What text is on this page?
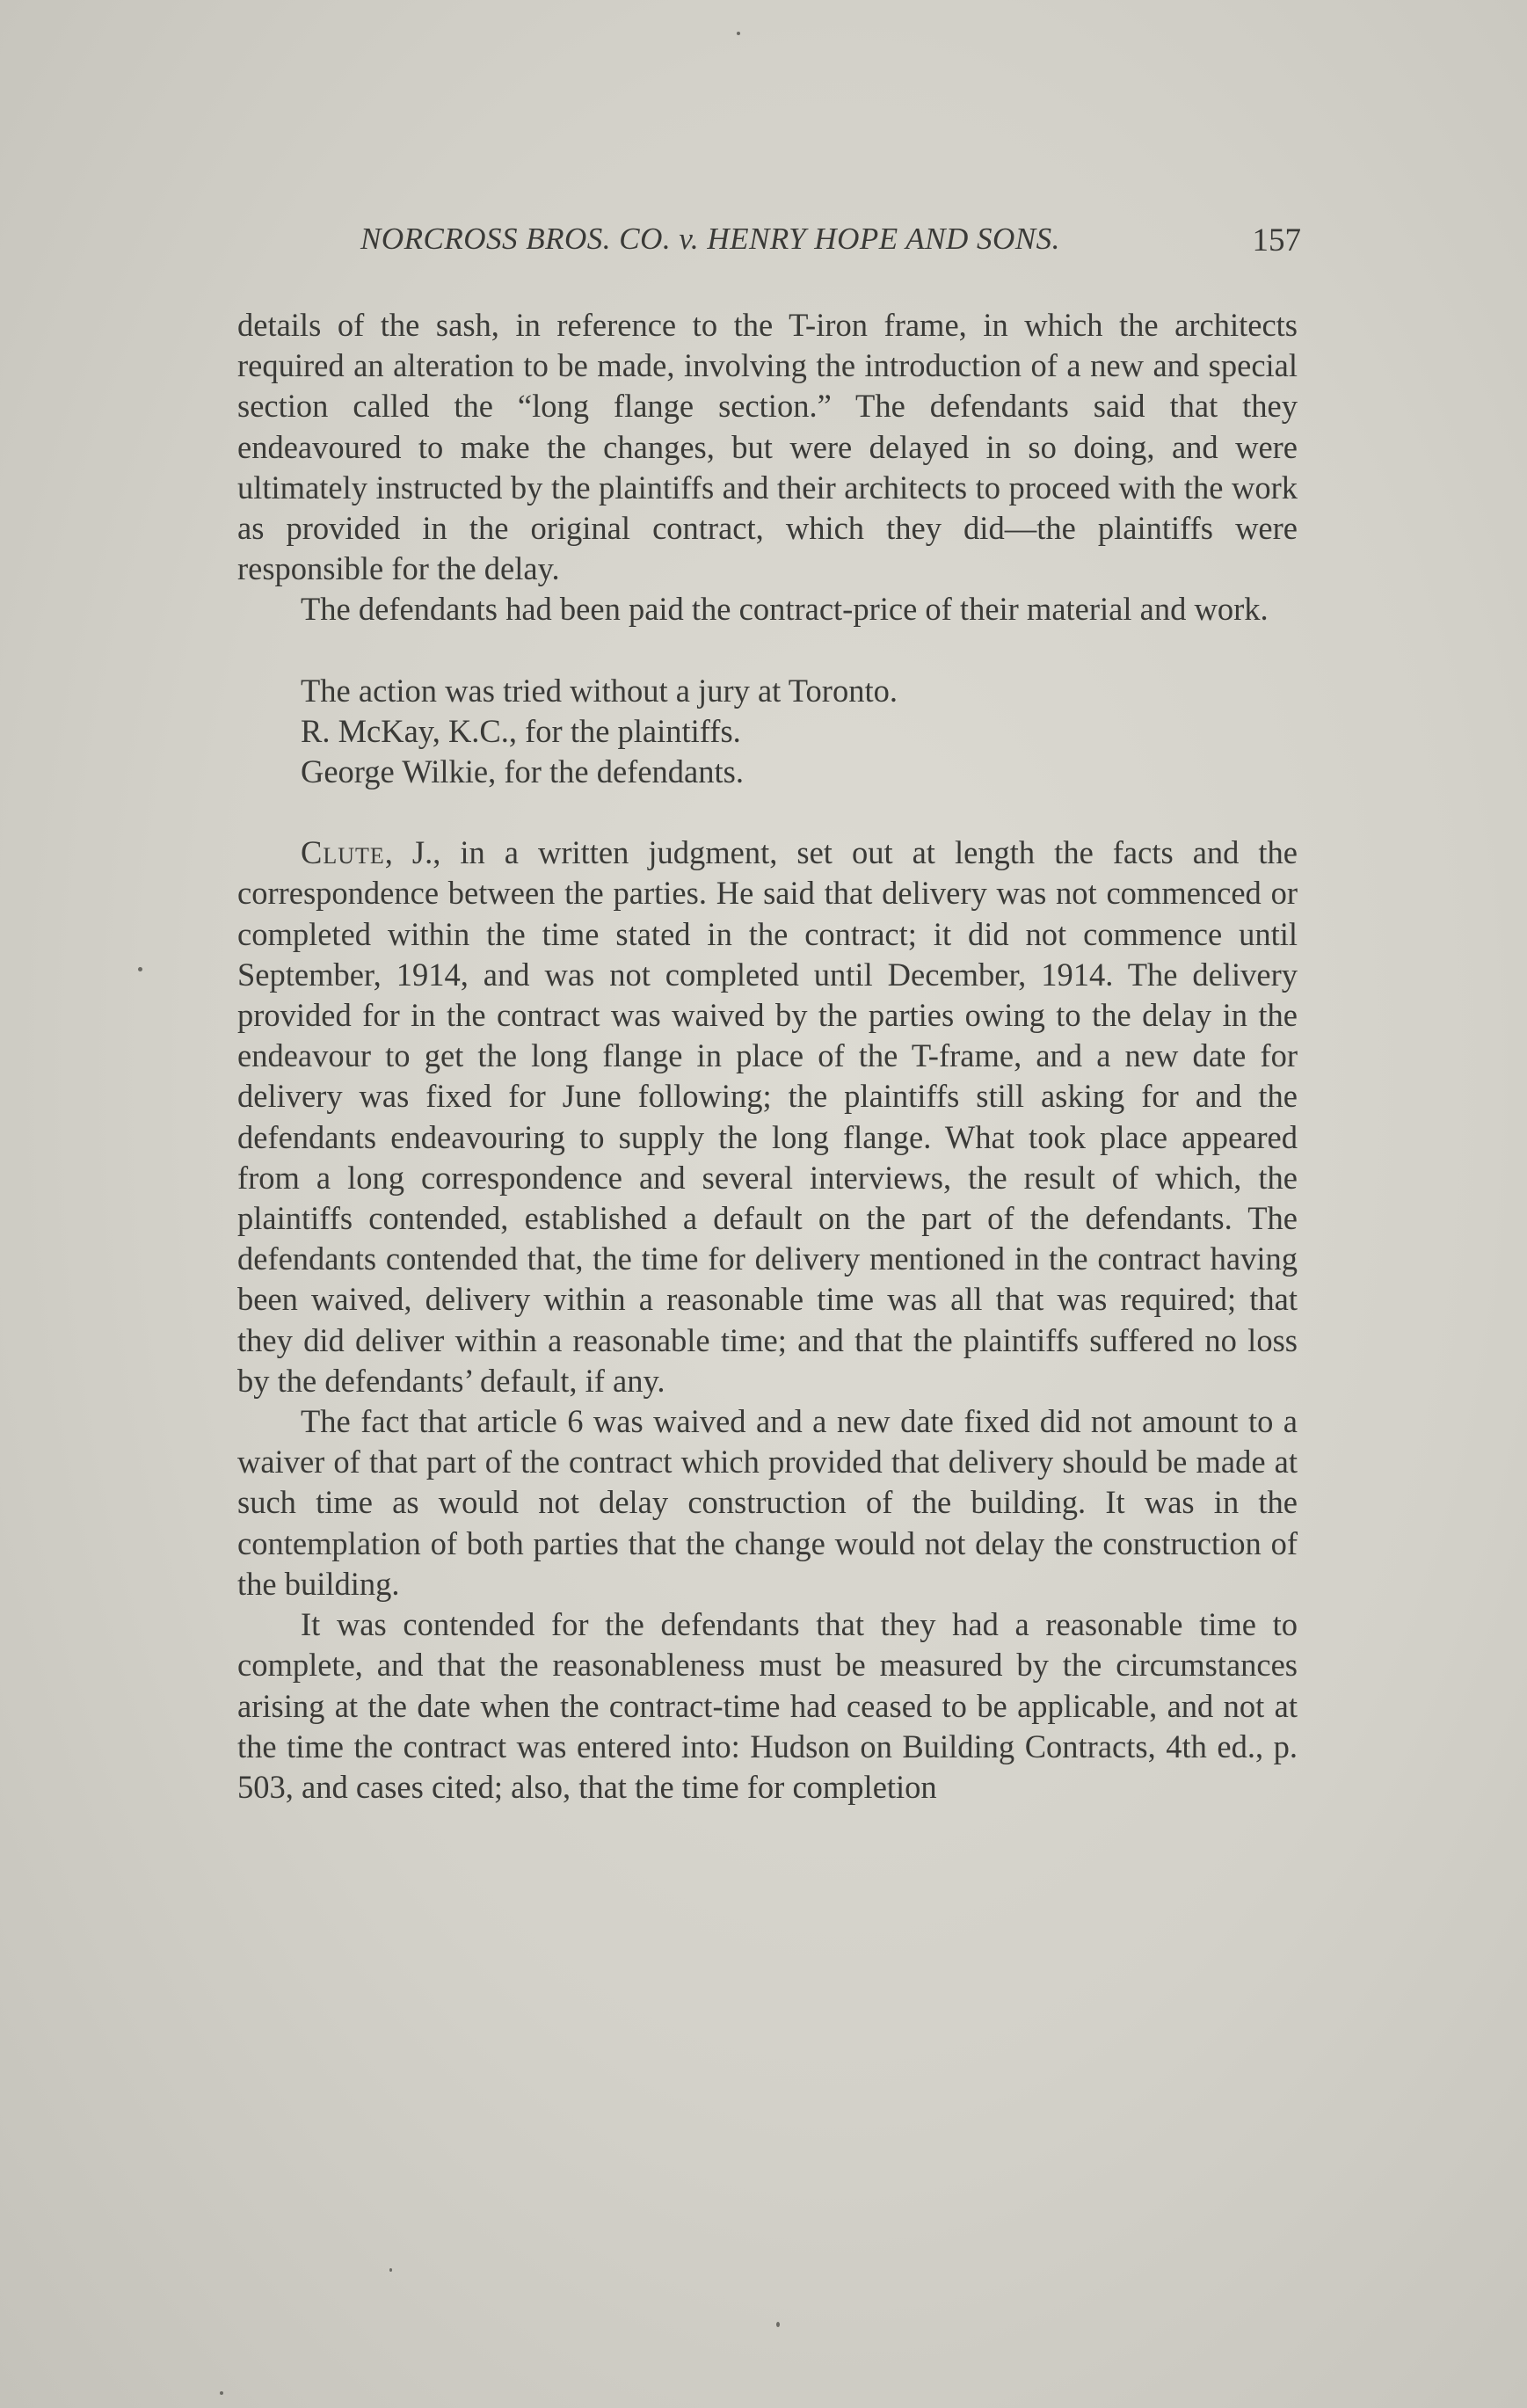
NORCROSS BROS. CO. v. HENRY HOPE AND SONS.	157

details of the sash, in reference to the T-iron frame, in which the architects required an alteration to be made, involving the introduction of a new and special section called the “long flange section.” The defendants said that they endeavoured to make the changes, but were delayed in so doing, and were ultimately instructed by the plaintiffs and their architects to proceed with the work as provided in the original contract, which they did—the plaintiffs were responsible for the delay.

The defendants had been paid the contract-price of their material and work.

The action was tried without a jury at Toronto.

R. McKay, K.C., for the plaintiffs.

George Wilkie, for the defendants.

Clute, J., in a written judgment, set out at length the facts and the correspondence between the parties. He said that delivery was not commenced or completed within the time stated in the contract; it did not commence until September, 1914, and was not completed until December, 1914. The delivery provided for in the contract was waived by the parties owing to the delay in the endeavour to get the long flange in place of the T-frame, and a new date for delivery was fixed for June following; the plaintiffs still asking for and the defendants endeavouring to supply the long flange. What took place appeared from a long correspondence and several interviews, the result of which, the plaintiffs contended, established a default on the part of the defendants. The defendants contended that, the time for delivery mentioned in the contract having been waived, delivery within a reasonable time was all that was required; that they did deliver within a reasonable time; and that the plaintiffs suffered no loss by the defendants’ default, if any.

The fact that article 6 was waived and a new date fixed did not amount to a waiver of that part of the contract which provided that delivery should be made at such time as would not delay construction of the building. It was in the contemplation of both parties that the change would not delay the construction of the building.

It was contended for the defendants that they had a reasonable time to complete, and that the reasonableness must be measured by the circumstances arising at the date when the contract-time had ceased to be applicable, and not at the time the contract was entered into: Hudson on Building Contracts, 4th ed., p. 503, and cases cited; also, that the time for completion
